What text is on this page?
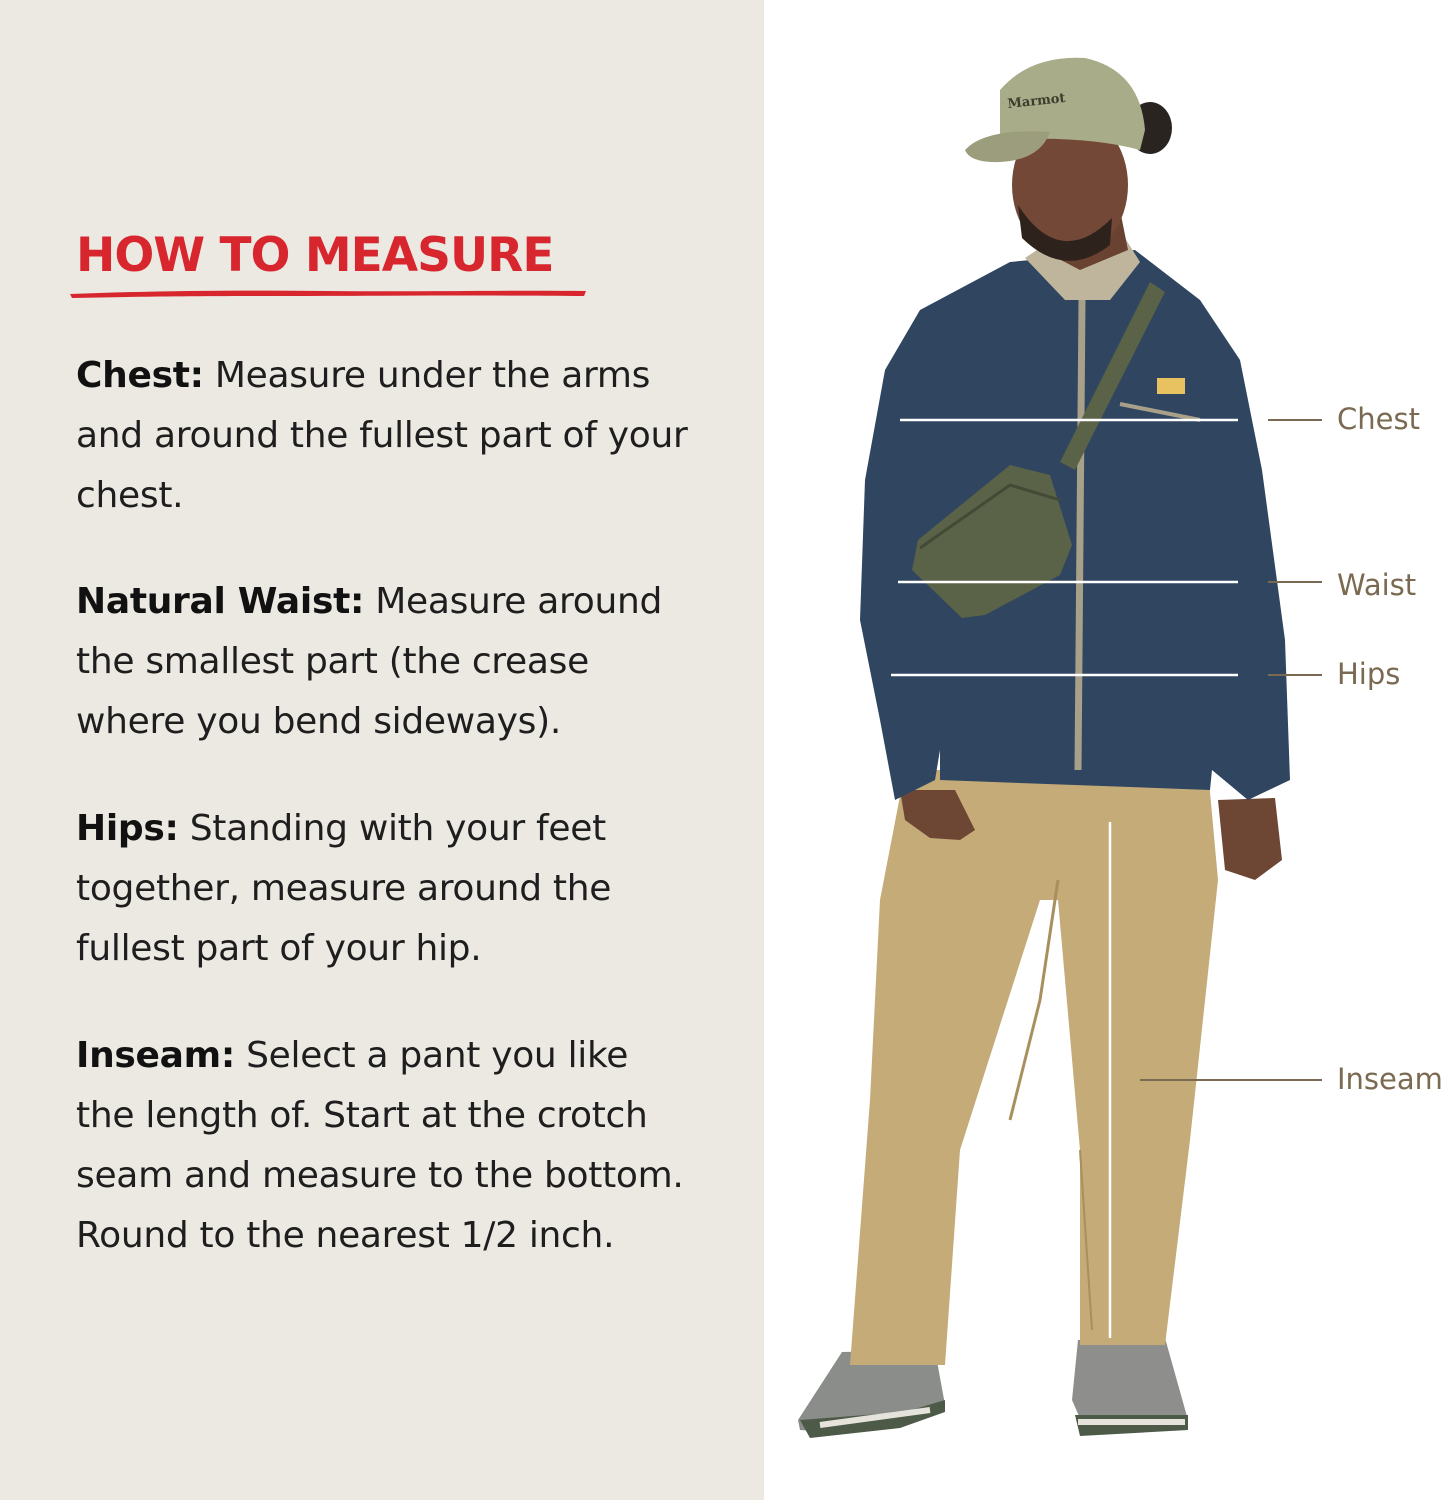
HOW TO MEASURE

Chest: Measure under the arms and around the fullest part of your chest.

Natural Waist: Measure around the smallest part (the crease where you bend sideways).

Hips: Standing with your feet together, measure around the fullest part of your hip.

Inseam: Select a pant you like the length of. Start at the crotch seam and measure to the bottom. Round to the nearest 1/2 inch.

Marmot
Chest
Waist
Hips
Inseam
